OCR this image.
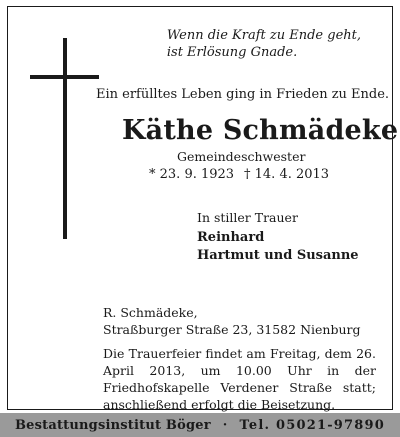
Wenn die Kraft zu Ende geht,
ist Erlösung Gnade.
Ein erfülltes Leben ging in Frieden zu Ende.
Käthe Schmädeke
Gemeindeschwester
* 23. 9. 1923 † 14. 4. 2013
In stiller Trauer
Reinhard
Hartmut und Susanne
R. Schmädeke,
Straßburger Straße 23, 31582 Nienburg
Die Trauerfeier findet am Freitag, dem 26. April 2013, um 10.00 Uhr in der Friedhofskapelle Verdener Straße statt; anschließend erfolgt die Beisetzung.
Bestattungsinstitut Böger · Tel. 05021-97890
